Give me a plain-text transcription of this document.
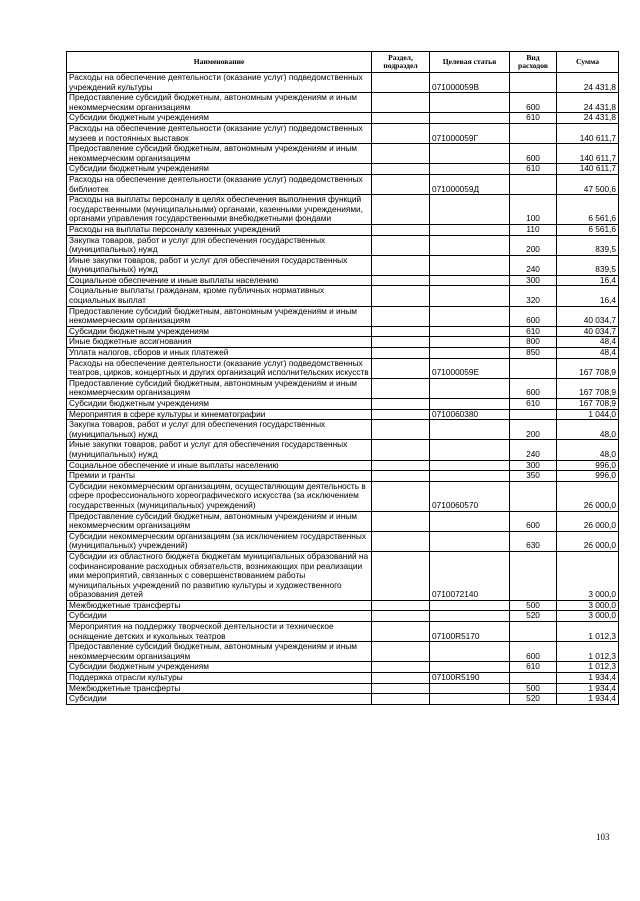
Наименование	Раздел, подраздел	Целевая статья	Вид расходов	Сумма
Расходы на обеспечение деятельности (оказание услуг) подведомственных учреждений культуры		071000059В		24 431,8
Предоставление субсидий бюджетным, автономным учреждениям и иным некоммерческим организациям			600	24 431,8
Субсидии бюджетным учреждениям			610	24 431,8
Расходы на обеспечение деятельности (оказание услуг) подведомственных музеев и постоянных выставок		071000059Г		140 611,7
Предоставление субсидий бюджетным, автономным учреждениям и иным некоммерческим организациям			600	140 611,7
Субсидии бюджетным учреждениям			610	140 611,7
Расходы на обеспечение деятельности (оказание услуг) подведомственных библиотек		071000059Д		47 500,6
Расходы на выплаты персоналу в целях обеспечения выполнения функций государственными (муниципальными) органами, казенными учреждениями, органами управления государственными внебюджетными фондами			100	6 561,6
Расходы на выплаты персоналу казенных учреждений			110	6 561,6
Закупка товаров, работ и услуг для обеспечения государственных (муниципальных) нужд			200	839,5
Иные закупки товаров, работ и услуг для обеспечения государственных (муниципальных) нужд			240	839,5
Социальное обеспечение и иные выплаты населению			300	16,4
Социальные выплаты гражданам, кроме публичных нормативных социальных выплат			320	16,4
Предоставление субсидий бюджетным, автономным учреждениям и иным некоммерческим организациям			600	40 034,7
Субсидии бюджетным учреждениям			610	40 034,7
Иные бюджетные ассигнования			800	48,4
Уплата налогов, сборов и иных платежей			850	48,4
Расходы на обеспечение деятельности (оказание услуг) подведомственных театров, цирков, концертных и других организаций исполнительских искусств		071000059Е		167 708,9
Предоставление субсидий бюджетным, автономным учреждениям и иным некоммерческим организациям			600	167 708,9
Субсидии бюджетным учреждениям			610	167 708,9
Мероприятия в сфере культуры и кинематографии		0710060380		1 044,0
Закупка товаров, работ и услуг для обеспечения государственных (муниципальных) нужд			200	48,0
Иные закупки товаров, работ и услуг для обеспечения государственных (муниципальных) нужд			240	48,0
Социальное обеспечение и иные выплаты населению			300	996,0
Премии и гранты			350	996,0
Субсидии некоммерческим организациям, осуществляющим деятельность в сфере профессионального хореографического искусства (за исключением государственных (муниципальных) учреждений)		0710060570		26 000,0
Предоставление субсидий бюджетным, автономным учреждениям и иным некоммерческим организациям			600	26 000,0
Субсидии некоммерческим организациям (за исключением государственных (муниципальных) учреждений)			630	26 000,0
Субсидии из областного бюджета бюджетам муниципальных образований на софинансирование расходных обязательств, возникающих при реализации ими мероприятий, связанных с совершенствованием работы муниципальных учреждений по развитию культуры и художественного образования детей		0710072140		3 000,0
Межбюджетные трансферты			500	3 000,0
Субсидии			520	3 000,0
Мероприятия на поддержку творческой деятельности и техническое оснащение детских и кукольных театров		07100R5170		1 012,3
Предоставление субсидий бюджетным, автономным учреждениям и иным некоммерческим организациям			600	1 012,3
Субсидии бюджетным учреждениям			610	1 012,3
Поддержка отрасли культуры		07100R5190		1 934,4
Межбюджетные трансферты			500	1 934,4
Субсидии			520	1 934,4
103
